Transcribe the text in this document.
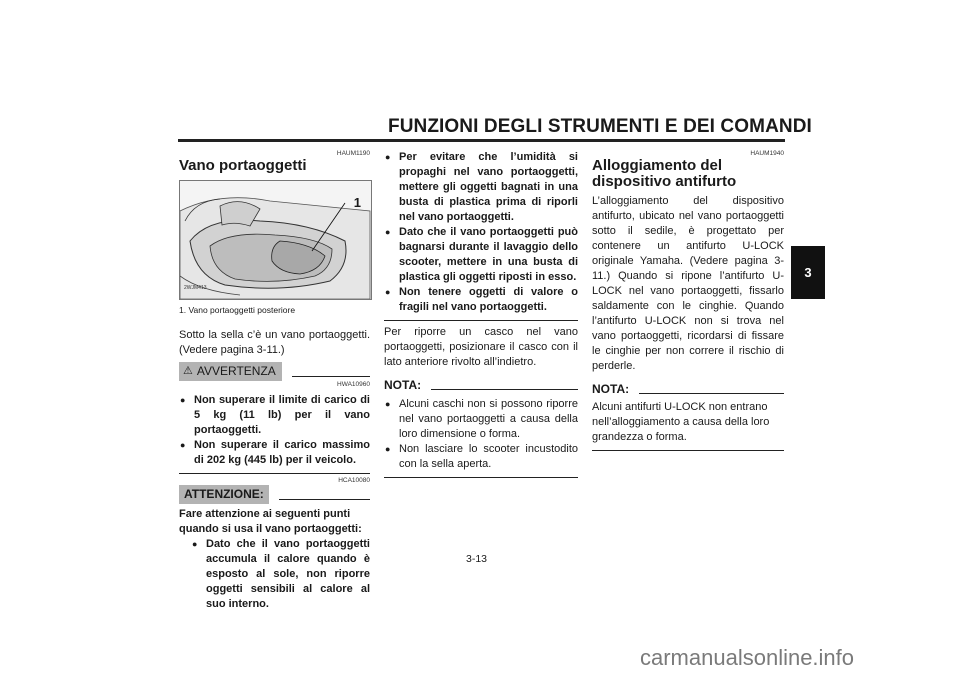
FUNZIONI DEGLI STRUMENTI E DEI COMANDI
3
HAUM1190
Vano portaoggetti
1
2WJM413
1. Vano portaoggetti posteriore

Sotto la sella c’è un vano portaoggetti. (Vedere pagina 3-11.)

⚠ AVVERTENZA
HWA10960
● Non superare il limite di carico di 5 kg (11 lb) per il vano portaoggetti.
● Non superare il carico massimo di 202 kg (445 lb) per il veicolo.
HCA10080
ATTENZIONE:

Fare attenzione ai seguenti punti quando si usa il vano portaoggetti:

● Dato che il vano portaoggetti accumula il calore quando è esposto al sole, non riporre oggetti sensibili al calore al suo interno.
● Per evitare che l’umidità si propaghi nel vano portaoggetti, mettere gli oggetti bagnati in una busta di plastica prima di riporli nel vano portaoggetti.
● Dato che il vano portaoggetti può bagnarsi durante il lavaggio dello scooter, mettere in una busta di plastica gli oggetti riposti in esso.
● Non tenere oggetti di valore o fragili nel vano portaoggetti.

Per riporre un casco nel vano portaoggetti, posizionare il casco con il lato anteriore rivolto all’indietro.

NOTA:
● Alcuni caschi non si possono riporre nel vano portaoggetti a causa della loro dimensione o forma.
● Non lasciare lo scooter incustodito con la sella aperta.
HAUM1940
Alloggiamento del dispositivo antifurto

L’alloggiamento del dispositivo antifurto, ubicato nel vano portaoggetti sotto il sedile, è progettato per contenere un antifurto U-LOCK originale Yamaha. (Vedere pagina 3-11.) Quando si ripone l’antifurto U-LOCK nel vano portaoggetti, fissarlo saldamente con le cinghie. Quando l’antifurto U-LOCK non si trova nel vano portaoggetti, ricordarsi di fissare le cinghie per non correre il rischio di perderle.

NOTA:

Alcuni antifurti U-LOCK non entrano nell’alloggiamento a causa della loro grandezza o forma.

3-13
carmanualsonline.info
